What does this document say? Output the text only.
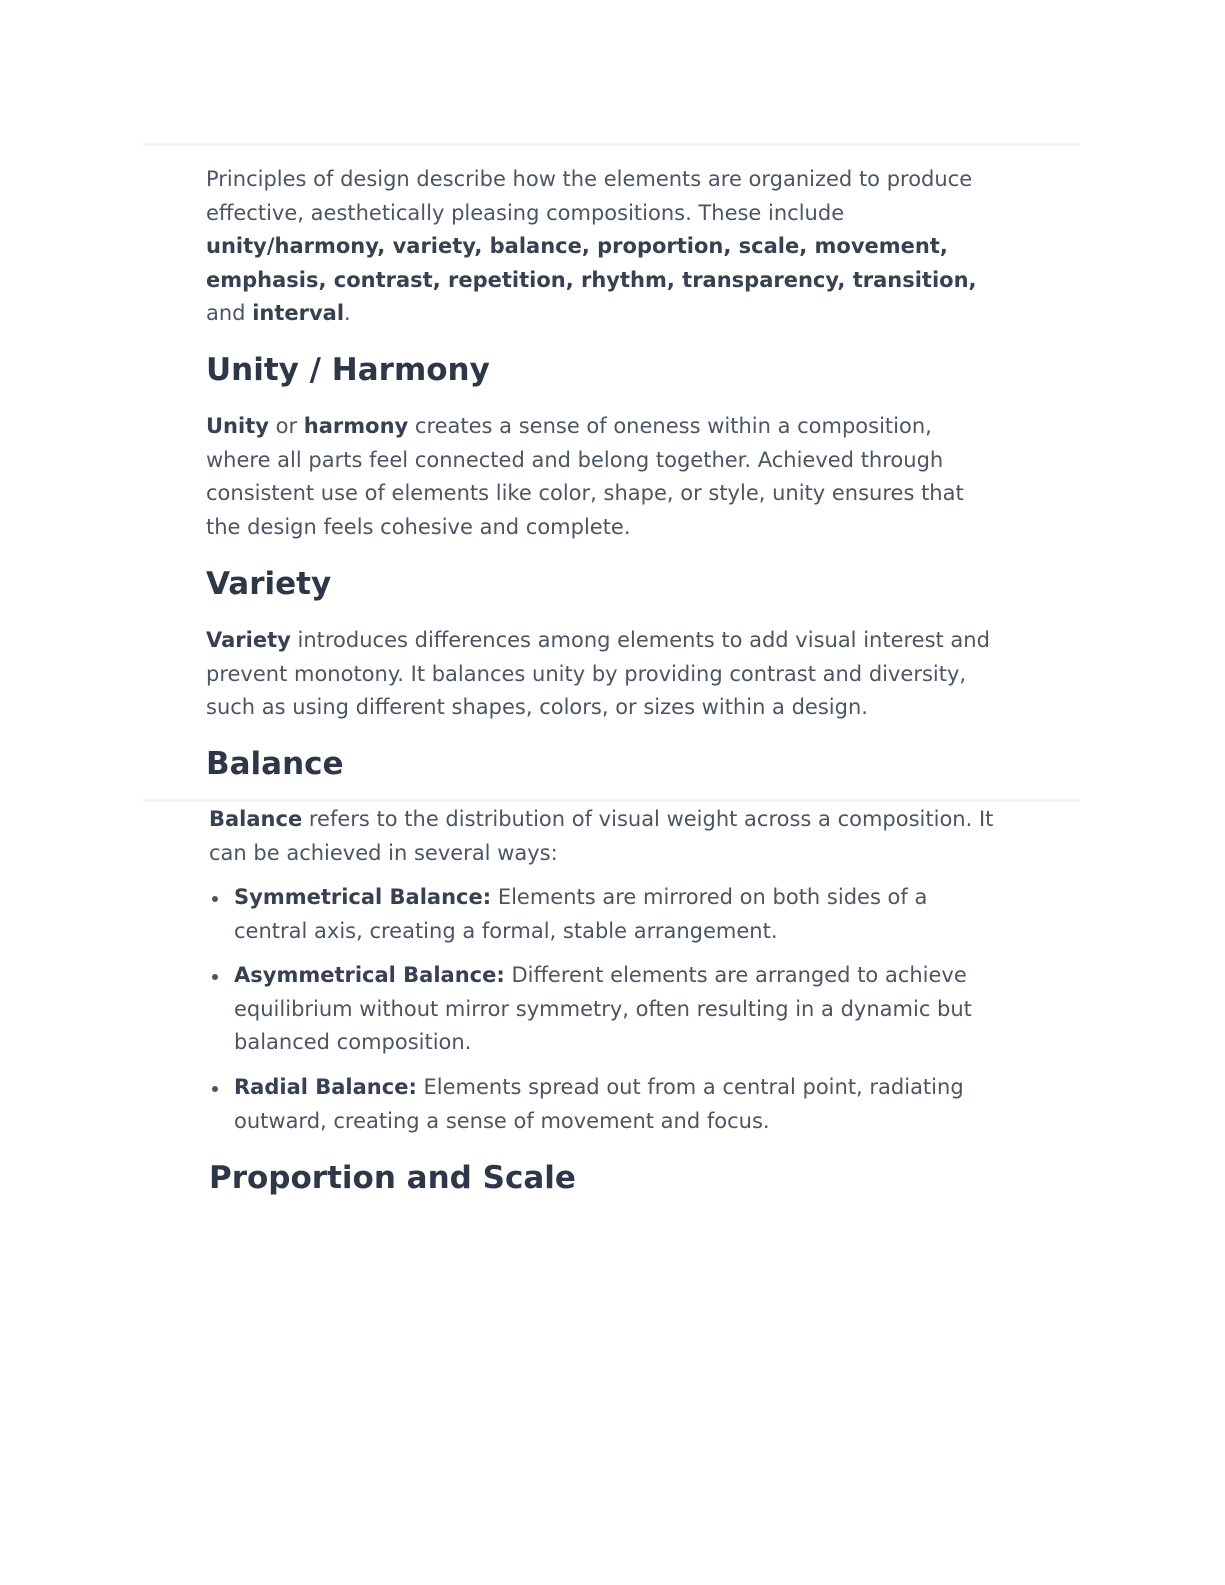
Principles of design describe how the elements are organized to produce effective, aesthetically pleasing compositions. These include unity/harmony, variety, balance, proportion, scale, movement, emphasis, contrast, repetition, rhythm, transparency, transition, and interval.

Unity / Harmony

Unity or harmony creates a sense of oneness within a composition, where all parts feel connected and belong together. Achieved through consistent use of elements like color, shape, or style, unity ensures that the design feels cohesive and complete.

Variety

Variety introduces differences among elements to add visual interest and prevent monotony. It balances unity by providing contrast and diversity, such as using different shapes, colors, or sizes within a design.

Balance

Balance refers to the distribution of visual weight across a composition. It can be achieved in several ways:

Symmetrical Balance: Elements are mirrored on both sides of a central axis, creating a formal, stable arrangement.
Asymmetrical Balance: Different elements are arranged to achieve equilibrium without mirror symmetry, often resulting in a dynamic but balanced composition.
Radial Balance: Elements spread out from a central point, radiating outward, creating a sense of movement and focus.
Proportion and Scale
